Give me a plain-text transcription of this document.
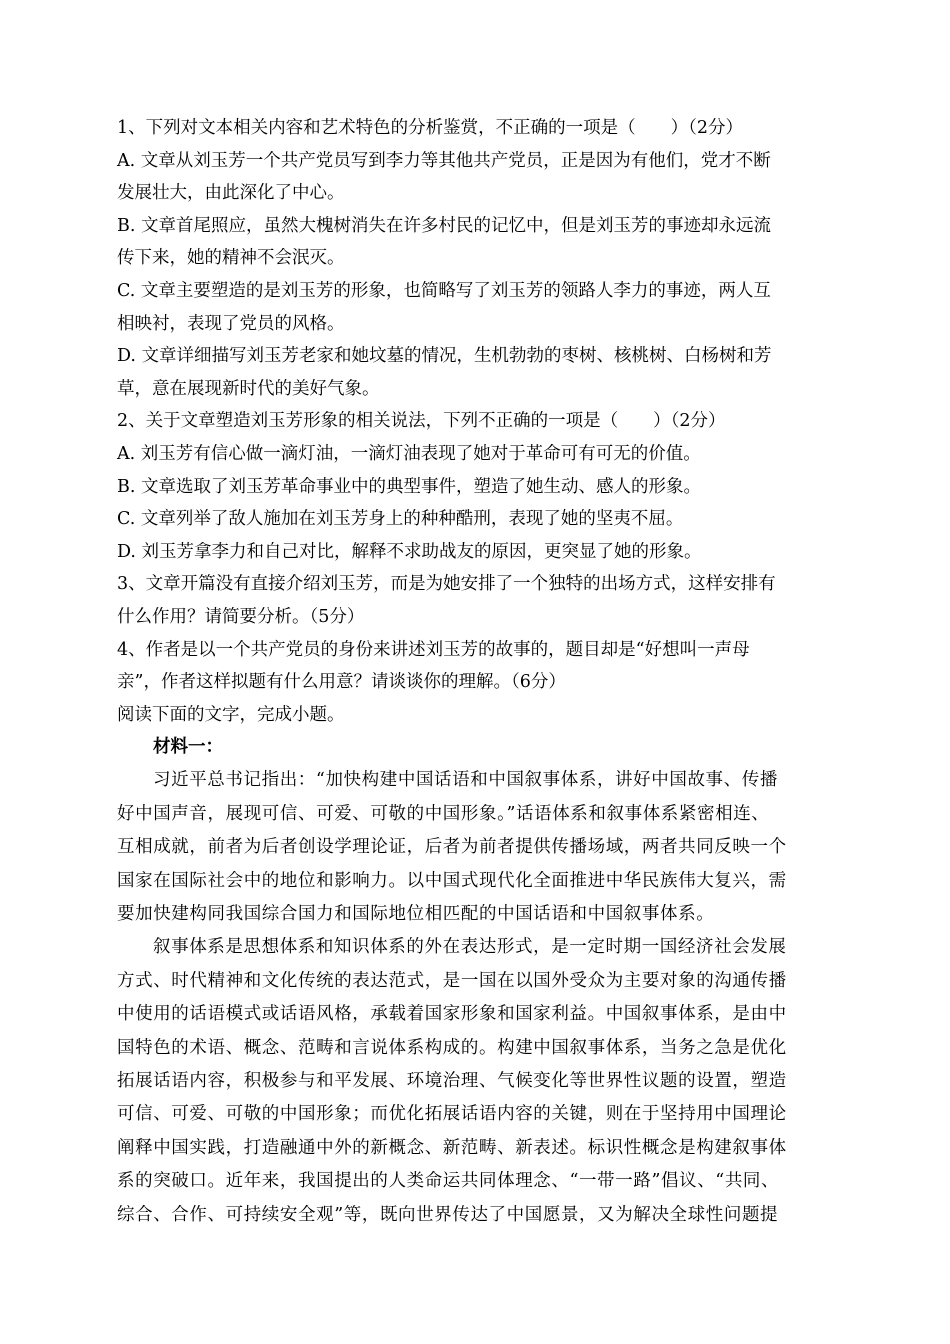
1、下列对文本相关内容和艺术特色的分析鉴赏，不正确的一项是（　　）（2分）
A. 文章从刘玉芳一个共产党员写到李力等其他共产党员，正是因为有他们，党才不断
发展壮大，由此深化了中心。
B. 文章首尾照应，虽然大槐树消失在许多村民的记忆中，但是刘玉芳的事迹却永远流
传下来，她的精神不会泯灭。
C. 文章主要塑造的是刘玉芳的形象，也简略写了刘玉芳的领路人李力的事迹，两人互
相映衬，表现了党员的风格。
D. 文章详细描写刘玉芳老家和她坟墓的情况，生机勃勃的枣树、核桃树、白杨树和芳
草，意在展现新时代的美好气象。
2、关于文章塑造刘玉芳形象的相关说法，下列不正确的一项是（　　）（2分）
A. 刘玉芳有信心做一滴灯油，一滴灯油表现了她对于革命可有可无的价值。
B. 文章选取了刘玉芳革命事业中的典型事件，塑造了她生动、感人的形象。
C. 文章列举了敌人施加在刘玉芳身上的种种酷刑，表现了她的坚夷不屈。
D. 刘玉芳拿李力和自己对比，解释不求助战友的原因，更突显了她的形象。
3、文章开篇没有直接介绍刘玉芳，而是为她安排了一个独特的出场方式，这样安排有
什么作用？请简要分析。（5分）
4、作者是以一个共产党员的身份来讲述刘玉芳的故事的，题目却是“好想叫一声母
亲”，作者这样拟题有什么用意？请谈谈你的理解。（6分）
阅读下面的文字，完成小题。
材料一：
习近平总书记指出：“加快构建中国话语和中国叙事体系，讲好中国故事、传播
好中国声音，展现可信、可爱、可敬的中国形象。”话语体系和叙事体系紧密相连、
互相成就，前者为后者创设学理论证，后者为前者提供传播场域，两者共同反映一个
国家在国际社会中的地位和影响力。以中国式现代化全面推进中华民族伟大复兴，需
要加快建构同我国综合国力和国际地位相匹配的中国话语和中国叙事体系。
叙事体系是思想体系和知识体系的外在表达形式，是一定时期一国经济社会发展
方式、时代精神和文化传统的表达范式，是一国在以国外受众为主要对象的沟通传播
中使用的话语模式或话语风格，承载着国家形象和国家利益。中国叙事体系，是由中
国特色的术语、概念、范畴和言说体系构成的。构建中国叙事体系，当务之急是优化
拓展话语内容，积极参与和平发展、环境治理、气候变化等世界性议题的设置，塑造
可信、可爱、可敬的中国形象；而优化拓展话语内容的关键，则在于坚持用中国理论
阐释中国实践，打造融通中外的新概念、新范畴、新表述。标识性概念是构建叙事体
系的突破口。近年来，我国提出的人类命运共同体理念、“一带一路”倡议、“共同、
综合、合作、可持续安全观”等，既向世界传达了中国愿景，又为解决全球性问题提
